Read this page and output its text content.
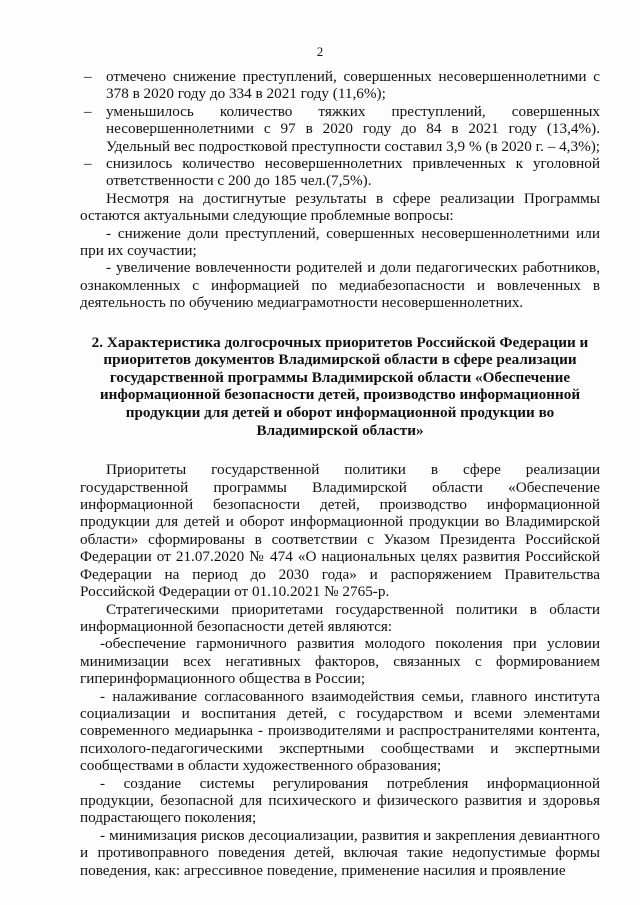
2
– отмечено снижение преступлений, совершенных несовершеннолетними с 378 в 2020 году до 334 в 2021 году (11,6%);
– уменьшилось количество тяжких преступлений, совершенных несовершеннолетними с 97 в 2020 году до 84 в 2021 году (13,4%). Удельный вес подростковой преступности составил 3,9 % (в 2020 г. – 4,3%);
– снизилось количество несовершеннолетних привлеченных к уголовной ответственности с 200 до 185 чел.(7,5%).

Несмотря на достигнутые результаты в сфере реализации Программы остаются актуальными следующие проблемные вопросы:

- снижение доли преступлений, совершенных несовершеннолетними или при их соучастии;

- увеличение вовлеченности родителей и доли педагогических работников, ознакомленных с информацией по медиабезопасности и вовлеченных в деятельность по обучению медиаграмотности несовершеннолетних.

2. Характеристика долгосрочных приоритетов Российской Федерации и приоритетов документов Владимирской области в сфере реализации государственной программы Владимирской области «Обеспечение информационной безопасности детей, производство информационной продукции для детей и оборот информационной продукции во Владимирской области»

Приоритеты государственной политики в сфере реализации государственной программы Владимирской области «Обеспечение информационной безопасности детей, производство информационной продукции для детей и оборот информационной продукции во Владимирской области» сформированы в соответствии с Указом Президента Российской Федерации от 21.07.2020 № 474 «О национальных целях развития Российской Федерации на период до 2030 года» и распоряжением Правительства Российской Федерации от 01.10.2021 № 2765-р.

Стратегическими приоритетами государственной политики в области информационной безопасности детей являются:

-обеспечение гармоничного развития молодого поколения при условии минимизации всех негативных факторов, связанных с формированием гиперинформационного общества в России;

- налаживание согласованного взаимодействия семьи, главного института социализации и воспитания детей, с государством и всеми элементами современного медиарынка - производителями и распространителями контента, психолого-педагогическими экспертными сообществами и экспертными сообществами в области художественного образования;

- создание системы регулирования потребления информационной продукции, безопасной для психического и физического развития и здоровья подрастающего поколения;

- минимизация рисков десоциализации, развития и закрепления девиантного и противоправного поведения детей, включая такие недопустимые формы поведения, как: агрессивное поведение, применение насилия и проявление
